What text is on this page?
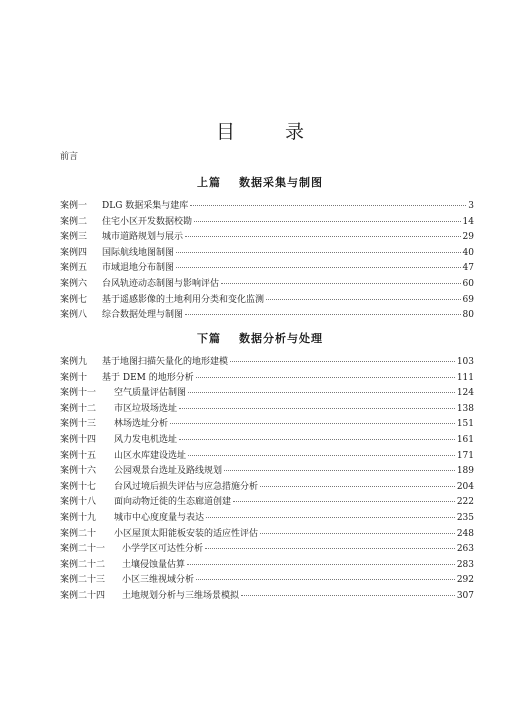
目 录
前言
上篇 数据采集与制图
案例一	DLG 数据采集与建库	3
案例二	住宅小区开发数据校勘	14
案例三	城市道路规划与展示	29
案例四	国际航线地图制图	40
案例五	市域退地分布制图	47
案例六	台风轨迹动态制图与影响评估	60
案例七	基于遥感影像的土地利用分类和变化监测	69
案例八	综合数据处理与制图	80
下篇 数据分析与处理
案例九	基于地图扫描矢量化的地形建模	103
案例十	基于 DEM 的地形分析	111
案例十一	空气质量评估制图	124
案例十二	市区垃圾场选址	138
案例十三	林场选址分析	151
案例十四	风力发电机选址	161
案例十五	山区水库建设选址	171
案例十六	公园观景台选址及路线规划	189
案例十七	台风过境后损失评估与应急措施分析	204
案例十八	面向动物迁徙的生态廊道创建	222
案例十九	城市中心度度量与表达	235
案例二十	小区屋顶太阳能板安装的适应性评估	248
案例二十一	小学学区可达性分析	263
案例二十二	土壤侵蚀量估算	283
案例二十三	小区三维视域分析	292
案例二十四	土地规划分析与三维场景模拟	307
